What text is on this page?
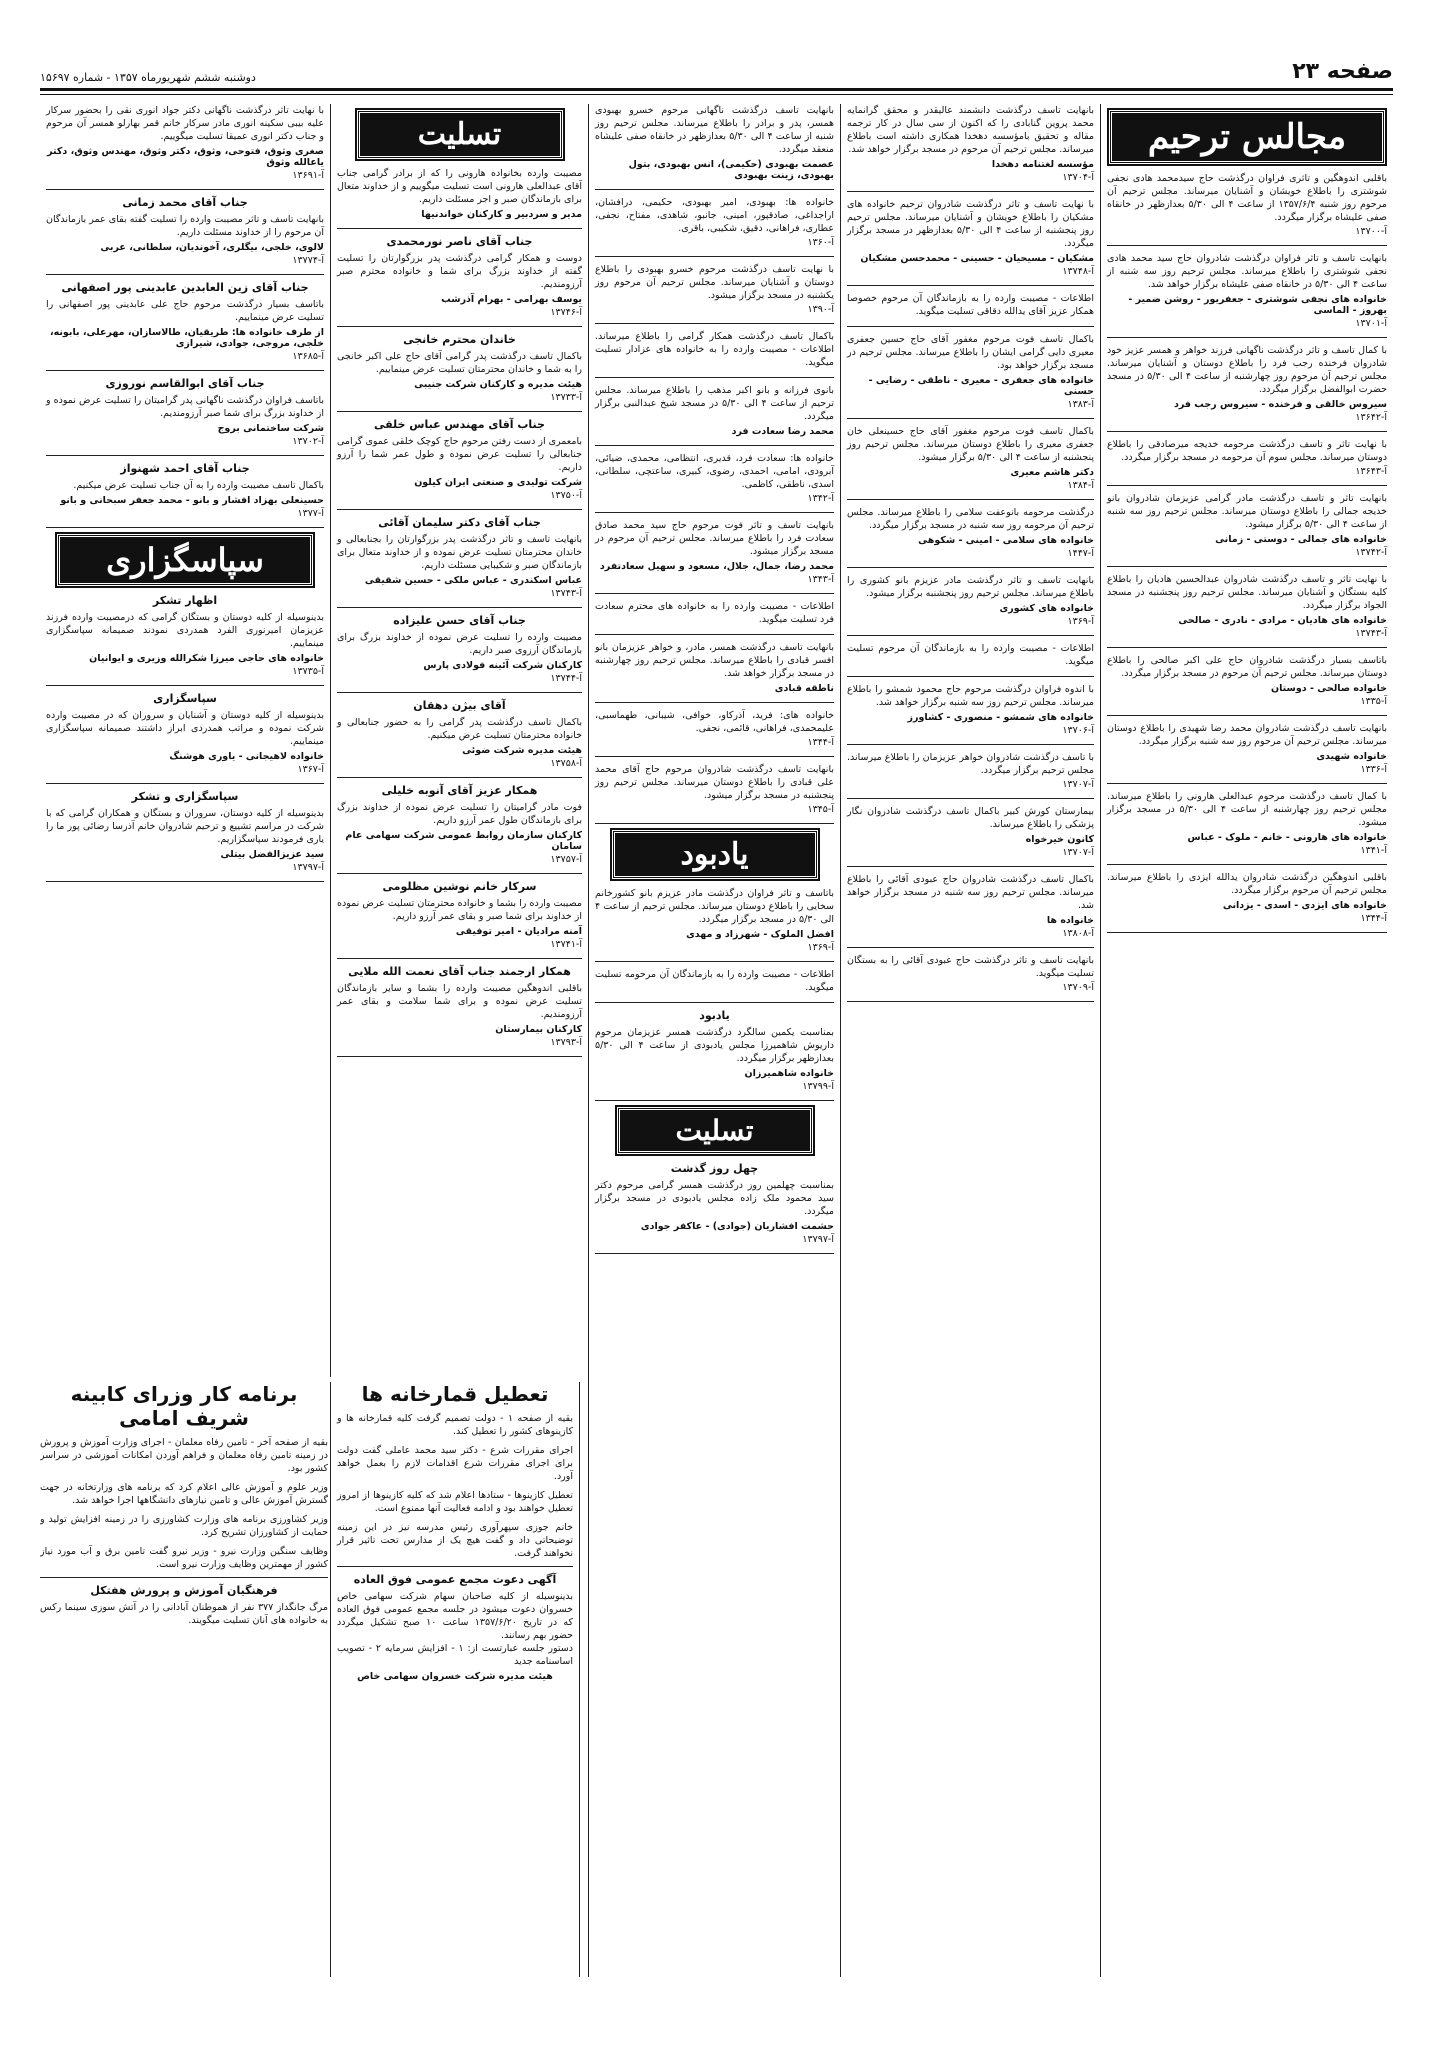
صفحه ۲۳
دوشنبه ششم شهریورماه ۱۳۵۷ - شماره ۱۵۶۹۷
مجالس ترحیم

باقلبی اندوهگین و تاثری فراوان درگذشت حاج سیدمحمد هادی نجفی شوشتری را باطلاع خویشان و آشنایان میرساند. مجلس ترحیم آن مرحوم روز شنبه ۱۳۵۷/۶/۴ از ساعت ۴ الی ۵/۳۰ بعدازظهر در خانقاه صفی علیشاه برگزار میگردد.

آ-۱۳۷۰۰

بانهایت تاسف و تاثر فراوان درگذشت شادروان حاج سید محمد هادی نجفی شوشتری را باطلاع میرساند. مجلس ترحیم روز سه شنبه از ساعت ۴ الی ۵/۳۰ در خانقاه صفی علیشاه برگزار خواهد شد.

خانواده های نجفی شوشتری - جعفریور - روشن ضمیر - بهروز - الماسی
آ-۱۳۷۰۱

با کمال تاسف و تاثر درگذشت ناگهانی فرزند خواهر و همسر عزیز خود شادروان فرخنده رجب فرد را باطلاع دوستان و آشنایان میرساند. مجلس ترحیم آن مرحوم روز چهارشنبه از ساعت ۴ الی ۵/۳۰ در مسجد حضرت ابوالفضل برگزار میگردد.

سیروس خالقی و فرخنده - سیروس رجب فرد
آ-۱۳۶۴۲

با نهایت تاثر و تاسف درگذشت مرحومه خدیجه میرصادقی را باطلاع دوستان میرساند. مجلس سوم آن مرحومه در مسجد برگزار میگردد.

آ-۱۳۶۴۳

بانهایت تاثر و تاسف درگذشت مادر گرامی عزیزمان شادروان بانو خدیجه جمالی را باطلاع دوستان میرساند. مجلس ترحیم روز سه شنبه از ساعت ۴ الی ۵/۳۰ برگزار میشود.

خانواده های جمالی - دوستی - زمانی
آ-۱۳۷۴۲

با نهایت تاثر و تاسف درگذشت شادروان عبدالحسین هادیان را باطلاع کلیه بستگان و آشنایان میرساند. مجلس ترحیم روز پنجشنبه در مسجد الجواد برگزار میگردد.

خانواده های هادیان - مرادی - نادری - صالحی
آ-۱۳۷۴۳

باتاسف بسیار درگذشت شادروان حاج علی اکبر صالحی را باطلاع دوستان میرساند. مجلس ترحیم آن مرحوم در مسجد برگزار میگردد.

خانواده صالحی - دوستان
آ-۱۳۳۵

بانهایت تاسف درگذشت شادروان محمد رضا شهیدی را باطلاع دوستان میرساند. مجلس ترحیم آن مرحوم روز سه شنبه برگزار میگردد.

خانواده شهیدی
آ-۱۳۳۶

با کمال تاسف درگذشت مرحوم عبدالعلی هارونی را باطلاع میرساند. مجلس ترحیم روز چهارشنبه از ساعت ۴ الی ۵/۳۰ در مسجد برگزار میشود.

خانواده های هارونی - خانم - ملوک - عباس
آ-۱۳۴۱

باقلبی اندوهگین درگذشت شادروان یدالله ایزدی را باطلاع میرساند. مجلس ترحیم آن مرحوم برگزار میگردد.

خانواده های ایزدی - اسدی - یزدانی
آ-۱۳۴۴

بانهایت تاسف درگذشت دانشمند عالیقدر و محقق گرانمایه محمد پروین گنابادی را که اکنون از سی سال در کار ترجمه مقاله و تحقیق بامؤسسه دهخدا همکاری داشته است باطلاع میرساند. مجلس ترحیم آن مرحوم در مسجد برگزار خواهد شد.

مؤسسه لغتنامه دهخدا
آ-۱۳۷۰۴

با نهایت تاسف و تاثر درگذشت شادروان ترحیم خانواده های مشکیان را باطلاع خویشان و آشنایان میرساند. مجلس ترحیم روز پنجشنبه از ساعت ۴ الی ۵/۳۰ بعدازظهر در مسجد برگزار میگردد.

مشکیان - مسیحیان - حسینی - محمدحسن مشکیان
آ-۱۳۷۴۸

اطلاعات - مصیبت وارده را به بازماندگان آن مرحوم خصوصا همکار عزیز آقای یدالله دقاقی تسلیت میگوید.

باکمال تاسف فوت مرحوم مغفور آقای حاج حسین جعفری معیری دایی گرامی ایشان را باطلاع میرساند. مجلس ترحیم در مسجد برگزار خواهد بود.

خانواده های جعفری - معیری - ناطقی - رضایی - حسنی
آ-۱۳۸۳

باکمال تاسف فوت مرحوم مغفور آقای حاج حسینعلی خان جعفری معیری را باطلاع دوستان میرساند. مجلس ترحیم روز پنجشنبه از ساعت ۴ الی ۵/۳۰ برگزار میشود.

دکتر هاشم معیری
آ-۱۳۸۴

درگذشت مرحومه بانوعفت سلامی را باطلاع میرساند. مجلس ترحیم آن مرحومه روز سه شنبه در مسجد برگزار میگردد.

خانواده های سلامی - امینی - شکوهی
آ-۱۴۴۷

بانهایت تاسف و تاثر درگذشت مادر عزیزم بانو کشوری را باطلاع میرساند. مجلس ترحیم روز پنجشنبه برگزار میشود.

خانواده های کشوری
آ-۱۳۶۹

اطلاعات - مصیبت وارده را به بازماندگان آن مرحوم تسلیت میگوید.

با اندوه فراوان درگذشت مرحوم حاج محمود شمشو را باطلاع میرساند. مجلس ترحیم روز سه شنبه برگزار خواهد شد.

خانواده های شمشو - منصوری - کشاورز
آ-۱۳۷۰۶

با تاسف درگذشت شادروان خواهر عزیزمان را باطلاع میرساند. مجلس ترحیم برگزار میگردد.

آ-۱۳۷۰۷

بیمارستان کورش کبیر باکمال تاسف درگذشت شادروان نگار پزشکی را باطلاع میرساند.

کانون خیرخواه
آ-۱۳۷۰۷

باکمال تاسف درگذشت شادروان حاج عبودی آقائی را باطلاع میرساند. مجلس ترحیم روز سه شنبه در مسجد برگزار خواهد شد.

خانواده ها
آ-۱۳۸۰۸

بانهایت تاسف و تاثر درگذشت حاج عبودی آقائی را به بستگان تسلیت میگوید.

آ-۱۳۷۰۹

بانهایت تاسف درگذشت ناگهانی مرحوم خسرو بهبودی همسر، پدر و برادر را باطلاع میرساند. مجلس ترحیم روز شنبه از ساعت ۴ الی ۵/۳۰ بعدازظهر در خانقاه صفی علیشاه منعقد میگردد.

عصمت بهبودی (حکیمی)، انس بهبودی، بتول بهبودی، زینت بهبودی

خانواده ها: بهبودی، امیر بهبودی، حکیمی، درافشان، اراجداغی، صادقپور، امینی، جانبو، شاهدی، مفتاح، نجفی، عطاری، فراهانی، دقیق، شکیبی، باقری.

آ-۱۳۶۰

با نهایت تاسف درگذشت مرحوم خسرو بهبودی را باطلاع دوستان و آشنایان میرساند. مجلس ترحیم آن مرحوم روز یکشنبه در مسجد برگزار میشود.

آ-۱۳۹۰

باکمال تاسف درگذشت همکار گرامی را باطلاع میرساند. اطلاعات - مصیبت وارده را به خانواده های عزادار تسلیت میگوید.

بانوی فرزانه و بانو اکبر مذهب را باطلاع میرساند. مجلس ترحیم از ساعت ۴ الی ۵/۳۰ در مسجد شیخ عبدالنبی برگزار میگردد.

محمد رضا سعادت فرد

خانواده ها: سعادت فرد، قدیری، انتظامی، محمدی، ضیائی، آبرودی، امامی، احمدی، رضوی، کبیری، ساعتچی، سلطانی، اسدی، ناطقی، کاظمی.

آ-۱۳۴۲

بانهایت تاسف و تاثر فوت مرحوم حاج سید محمد صادق سعادت فرد را باطلاع میرساند. مجلس ترحیم آن مرحوم در مسجد برگزار میشود.

محمد رضا، جمال، جلال، مسعود و سهیل سعادتفرد
آ-۱۳۴۳

اطلاعات - مصیبت وارده را به خانواده های محترم سعادت فرد تسلیت میگوید.

بانهایت تاسف درگذشت همسر، مادر، و خواهر عزیزمان بانو افسر قبادی را باطلاع میرساند. مجلس ترحیم روز چهارشنبه در مسجد برگزار خواهد شد.

ناطقه قبادی

خانواده های: فرید، آذرکاو، خوافی، شیبانی، طهماسبی، علیمحمدی، فراهانی، قائمی، نجفی.

آ-۱۳۴۴

بانهایت تاسف درگذشت شادروان مرحوم حاج آقای محمد علی قبادی را باطلاع دوستان میرساند. مجلس ترحیم روز پنجشنبه در مسجد برگزار میشود.

آ-۱۳۴۵
یادبود

باتاسف و تاثر فراوان درگذشت مادر عزیزم بانو کشورخانم سخایی را باطلاع دوستان میرساند. مجلس ترحیم از ساعت ۴ الی ۵/۳۰ در مسجد برگزار میگردد.

افضل الملوک - شهرزاد و مهدی
آ-۱۳۶۹

اطلاعات - مصیبت وارده را به بازماندگان آن مرحومه تسلیت میگوید.

یادبود

بمناسبت یکمین سالگرد درگذشت همسر عزیزمان مرحوم داریوش شاهمیرزا مجلس یادبودی از ساعت ۴ الی ۵/۳۰ بعدازظهر برگزار میگردد.

خانواده شاهمیرزان
آ-۱۳۷۹۹
تسلیت
چهل روز گذشت

بمناسبت چهلمین روز درگذشت همسر گرامی مرحوم دکتر سید محمود ملک زاده مجلس یادبودی در مسجد برگزار میگردد.

حشمت افشاریان (جوادی) - عاکفر جوادی
آ-۱۳۷۹۷
تسلیت

مصیبت وارده بخانواده هارونی را که از برادر گرامی جناب آقای عبدالعلی هارونی است تسلیت میگوییم و از خداوند متعال برای بازماندگان صبر و اجر مسئلت داریم.

مدیر و سردبیر و کارکنان خواندنیها
جناب آقای ناصر نورمحمدی

دوست و همکار گرامی درگذشت پدر بزرگوارتان را تسلیت گفته از خداوند بزرگ برای شما و خانواده محترم صبر آرزومندیم.

یوسف بهرامی - بهرام آذرشب
آ-۱۳۷۴۶
خاندان محترم خانجی

باکمال تاسف درگذشت پدر گرامی آقای حاج علی اکبر خانجی را به شما و خاندان محترمتان تسلیت عرض مینماییم.

هیئت مدیره و کارکنان شرکت جنیبی
آ-۱۳۷۳۳
جناب آقای مهندس عباس خلقی

بامعمری از دست رفتن مرحوم حاج کوچک خلقی عموی گرامی جنابعالی را تسلیت عرض نموده و طول عمر شما را آرزو داریم.

شرکت تولیدی و صنعتی ایران کیلون
آ-۱۳۷۵۰
جناب آقای دکتر سلیمان آقائی

بانهایت تاسف و تاثر درگذشت پدر بزرگوارتان را بجنابعالی و خاندان محترمتان تسلیت عرض نموده و از خداوند متعال برای بازماندگان صبر و شکیبایی مسئلت داریم.

عباس اسکندری - عباس ملکی - حسین شقیقی
آ-۱۳۷۴۳
جناب آقای حسن علیزاده

مصیبت وارده را تسلیت عرض نموده از خداوند بزرگ برای بازماندگان آرزوی صبر داریم.

کارکنان شرکت آئینه فولادی پارس
آ-۱۳۷۴۴
آقای بیژن دهقان

باکمال تاسف درگذشت پدر گرامی را به حضور جنابعالی و خانواده محترمتان تسلیت عرض میکنیم.

هیئت مدیره شرکت ضوئی
آ-۱۳۷۵۸
همکار عزیز آقای آنوبه خلیلی

فوت مادر گرامیتان را تسلیت عرض نموده از خداوند بزرگ برای بازماندگان طول عمر آرزو داریم.

کارکنان سازمان روابط عمومی شرکت سهامی عام سامان
آ-۱۳۷۵۷
سرکار خانم نوشین مظلومی

مصیبت وارده را بشما و خانواده محترمتان تسلیت عرض نموده از خداوند برای شما صبر و بقای عمر آرزو داریم.

آمنه مرادیان - امیر توفیقی
آ-۱۳۷۴۱
همکار ارجمند جناب آقای نعمت الله ملایی

باقلبی اندوهگین مصیبت وارده را بشما و سایر بازماندگان تسلیت عرض نموده و برای شما سلامت و بقای عمر آرزومندیم.

کارکنان بیمارستان
آ-۱۳۷۹۳

با نهایت تاثر درگذشت ناگهانی دکتر جواد انوری نقی را بحضور سرکار علیه بیبی سکینه انوری مادر سرکار خانم قمر بهارلو همسر آن مرحوم و جناب دکتر انوری عمیقا تسلیت میگوییم.

صغری وثوق، فتوحی، وثوق، دکتر وثوق، مهندس وثوق، دکتر یاعالله وثوق
آ-۱۳۶۹۱
جناب آقای محمد زمانی

بانهایت تاسف و تاثر مصیبت وارده را تسلیت گفته بقای عمر بازماندگان آن مرحوم را از خداوند مسئلت داریم.

لالوی، خلجی، بیگلری، آخوندیان، سلطانی، عربی
آ-۱۳۷۷۴
جناب آقای زین العابدین عابدینی پور اصفهانی

باتاسف بسیار درگذشت مرحوم حاج علی عابدینی پور اصفهانی را تسلیت عرض مینماییم.

از طرف خانواده ها: طریقیان، طالاسازان، مهرعلی، بابونه، خلجی، مروجی، جوادی، شیرازی
آ-۱۳۶۸۵
جناب آقای ابوالقاسم نوروزی

باتاسف فراوان درگذشت ناگهانی پدر گرامیتان را تسلیت عرض نموده و از خداوند بزرگ برای شما صبر آرزومندیم.

شرکت ساختمانی بروج
آ-۱۳۷۰۲
جناب آقای احمد شهنواز

باکمال تاسف مصیبت وارده را به آن جناب تسلیت عرض میکنیم.

حسینعلی بهزاد افشار و بانو - محمد جعفر سبحانی و بانو
آ-۱۳۷۷
سپاسگزاری
اظهار تشکر

بدینوسیله از کلیه دوستان و بستگان گرامی که درمصیبت وارده فرزند عزیزمان امیرنوری الفرد همدردی نمودند صمیمانه سپاسگزاری مینماییم.

خانواده های حاجی میرزا شکرالله وزیری و ایوانیان
آ-۱۳۷۳۵
سپاسگزاری

بدینوسیله از کلیه دوستان و آشنایان و سروران که در مصیبت وارده شرکت نموده و مراتب همدردی ابراز داشتند صمیمانه سپاسگزاری مینماییم.

خانواده لاهیجانی - یاوری هوشنگ
آ-۱۳۶۷
سپاسگزاری و تشکر

بدینوسیله از کلیه دوستان، سروران و بستگان و همکاران گرامی که با شرکت در مراسم تشییع و ترحیم شادروان خانم آذرسا رضائی پور ما را یاری فرمودند سپاسگزاریم.

سید عزیزالفضل بیتلی
آ-۱۳۷۹۷
برنامه کار وزرای کابینه شریف امامی

بقیه از صفحه آخر - تامین رفاه معلمان - اجرای وزارت آموزش و پرورش در زمینه تامین رفاه معلمان و فراهم آوردن امکانات آموزشی در سراسر کشور بود.

وزیر علوم و آموزش عالی اعلام کرد که برنامه های وزارتخانه در جهت گسترش آموزش عالی و تامین نیازهای دانشگاهها اجرا خواهد شد.

وزیر کشاورزی برنامه های وزارت کشاورزی را در زمینه افزایش تولید و حمایت از کشاورزان تشریح کرد.

وظایف سنگین وزارت نیرو - وزیر نیرو گفت تامین برق و آب مورد نیاز کشور از مهمترین وظایف وزارت نیرو است.

فرهنگیان آموزش و پرورش هفتکل

مرگ جانگداز ۳۷۷ نفر از هموطنان آبادانی را در آتش سوزی سینما رکس به خانواده های آنان تسلیت میگویند.

تعطیل قمارخانه ها

بقیه از صفحه ۱ - دولت تصمیم گرفت کلیه قمارخانه ها و کازینوهای کشور را تعطیل کند.

اجرای مقررات شرع - دکتر سید محمد عاملی گفت دولت برای اجرای مقررات شرع اقدامات لازم را بعمل خواهد آورد.

تعطیل کازینوها - ستادها اعلام شد که کلیه کازینوها از امروز تعطیل خواهند بود و ادامه فعالیت آنها ممنوع است.

خانم جوزی سپهرآوری رئیس مدرسه نیز در این زمینه توضیحاتی داد و گفت هیچ یک از مدارس تحت تاثیر قرار نخواهند گرفت.

آگهی دعوت مجمع عمومی فوق العاده

بدینوسیله از کلیه صاحبان سهام شرکت سهامی خاص خسروان دعوت میشود در جلسه مجمع عمومی فوق العاده که در تاریخ ۱۳۵۷/۶/۲۰ ساعت ۱۰ صبح تشکیل میگردد حضور بهم رسانند.

دستور جلسه عبارتست از: ۱ - افزایش سرمایه ۲ - تصویب اساسنامه جدید

هیئت مدیره شرکت خسروان سهامی خاص
